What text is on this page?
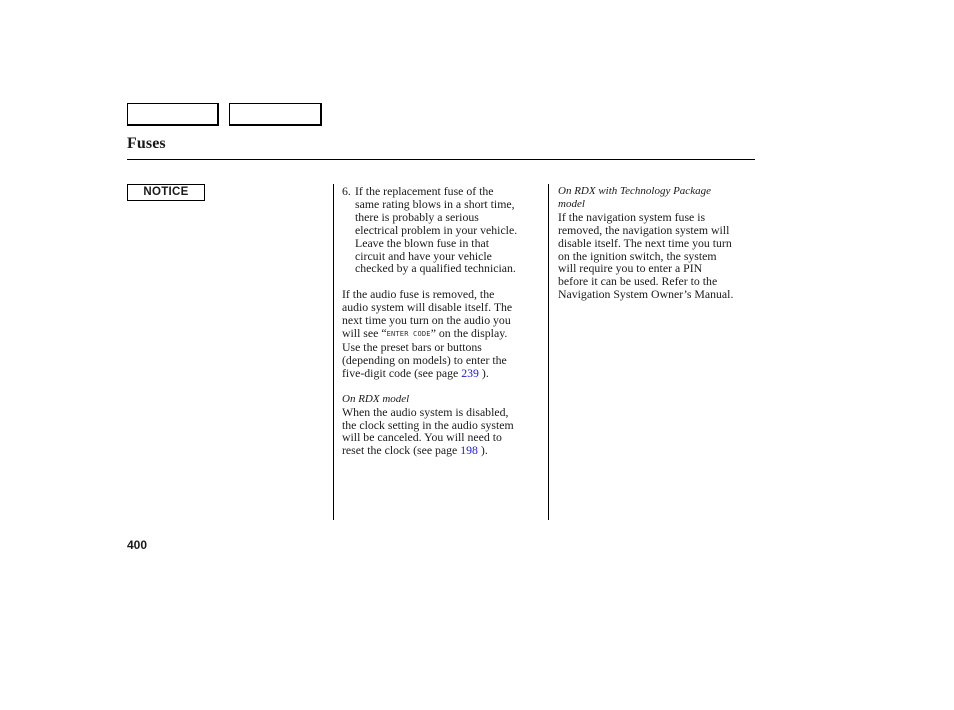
Fuses
NOTICE	6. If the replacement fuse of the
same rating blows in a short time,
there is probably a serious
electrical problem in your vehicle.
Leave the blown fuse in that
circuit and have your vehicle
checked by a qualified technician.
If the audio fuse is removed, the
audio system will disable itself. The
next time you turn on the audio you
will see “ENTER CODE” on the display.
Use the preset bars or buttons
(depending on models) to enter the
five-digit code (see page 239 ).
On RDX model
When the audio system is disabled,
the clock setting in the audio system
will be canceled. You will need to
reset the clock (see page 198 ).
On RDX with Technology Package
model
If the navigation system fuse is
removed, the navigation system will
disable itself. The next time you turn
on the ignition switch, the system
will require you to enter a PIN
before it can be used. Refer to the
Navigation System Owner’s Manual.
400
